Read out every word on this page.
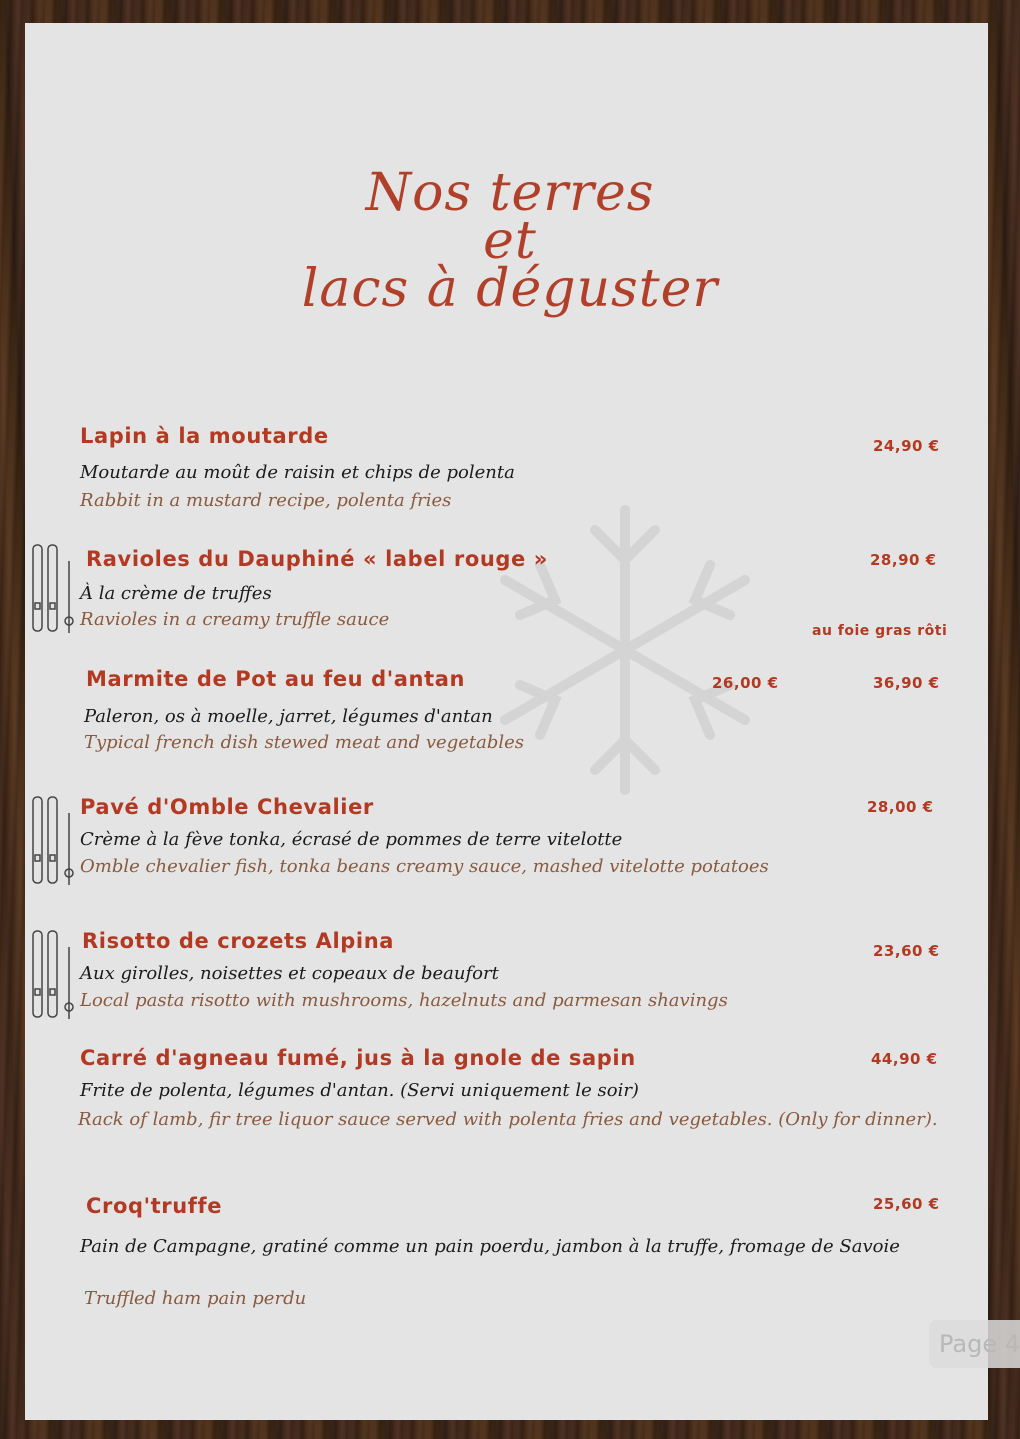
Nos terres
et
lacs à déguster
Lapin à la moutarde	24,90 €
Moutarde au moût de raisin et chips de polenta
Rabbit in a mustard recipe, polenta fries
Ravioles du Dauphiné « label rouge »	28,90 €
À la crème de truffes
Ravioles in a creamy truffle sauce
au foie gras rôti
Marmite de Pot au feu d'antan	26,00 €	36,90 €
Paleron, os à moelle, jarret, légumes d'antan
Typical french dish stewed meat and vegetables
Pavé d'Omble Chevalier	28,00 €
Crème à la fève tonka, écrasé de pommes de terre vitelotte
Omble chevalier fish, tonka beans creamy sauce, mashed vitelotte potatoes
Risotto de crozets Alpina	23,60 €
Aux girolles, noisettes et copeaux de beaufort
Local pasta risotto with mushrooms, hazelnuts and parmesan shavings
Carré d'agneau fumé, jus à la gnole de sapin	44,90 €
Frite de polenta, légumes d'antan. (Servi uniquement le soir)
Rack of lamb, fir tree liquor sauce served with polenta fries and vegetables. (Only for dinner).
Croq'truffe	25,60 €
Pain de Campagne, gratiné comme un pain poerdu, jambon à la truffe, fromage de Savoie
Truffled ham pain perdu
Page 4
